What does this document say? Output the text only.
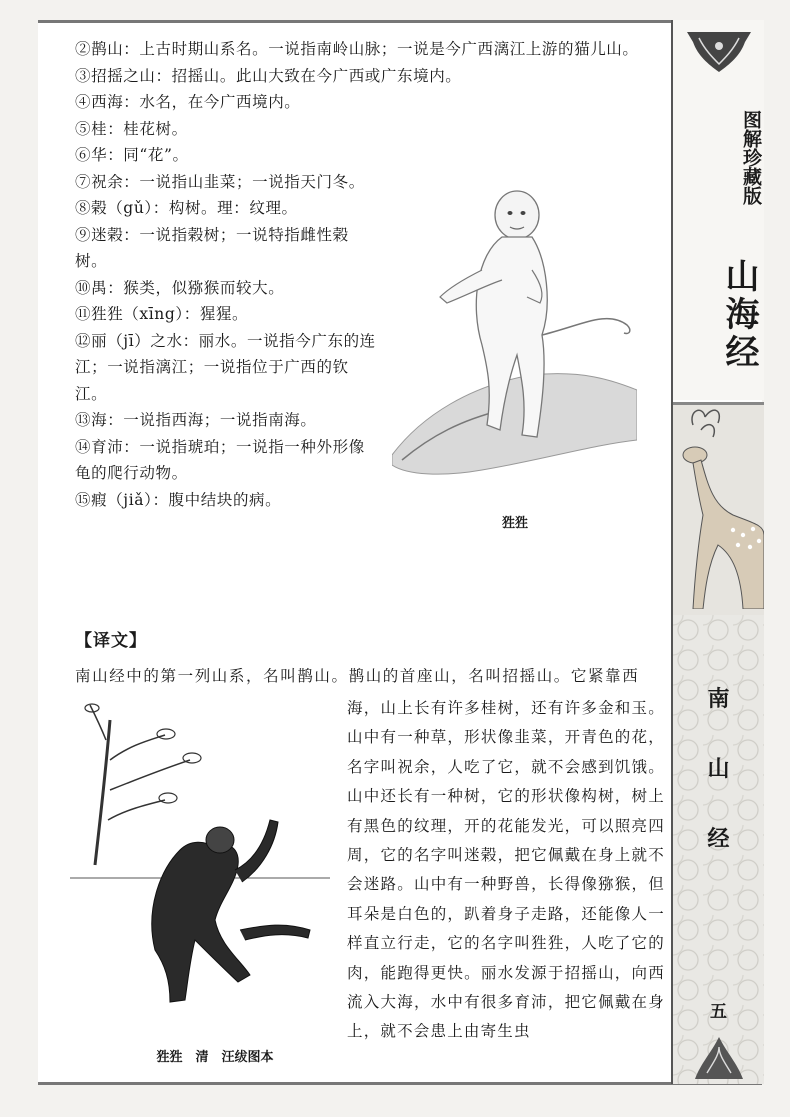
②鹊山：上古时期山系名。一说指南岭山脉；一说是今广西漓江上游的猫儿山。

③招摇之山：招摇山。此山大致在今广西或广东境内。

④西海：水名，在今广西境内。

⑤桂：桂花树。

⑥华：同“花”。

⑦祝余：一说指山韭菜；一说指天门冬。

⑧榖（gǔ）：构树。理：纹理。

⑨迷榖：一说指榖树；一说特指雌性榖树。

⑩禺：猴类，似猕猴而较大。

⑪狌狌（xīng）：猩猩。

⑫丽（jī）之水：丽水。一说指今广东的连江；一说指漓江；一说指位于广西的钦江。

⑬海：一说指西海；一说指南海。

⑭育沛：一说指琥珀；一说指一种外形像龟的爬行动物。

⑮瘕（jiǎ）：腹中结块的病。

狌狌
【译文】

南山经中的第一列山系，名叫鹊山。鹊山的首座山，名叫招摇山。它紧靠西

海，山上长有许多桂树，还有许多金和玉。山中有一种草，形状像韭菜，开青色的花，名字叫祝余，人吃了它，就不会感到饥饿。山中还长有一种树，它的形状像构树，树上有黑色的纹理，开的花能发光，可以照亮四周，它的名字叫迷榖，把它佩戴在身上就不会迷路。山中有一种野兽，长得像猕猴，但耳朵是白色的，趴着身子走路，还能像人一样直立行走，它的名字叫狌狌，人吃了它的肉，能跑得更快。丽水发源于招摇山，向西流入大海，水中有很多育沛，把它佩戴在身上，就不会患上由寄生虫

狌狌　清　汪绂图本
图解珍藏版
山海经
南
山
经
五
